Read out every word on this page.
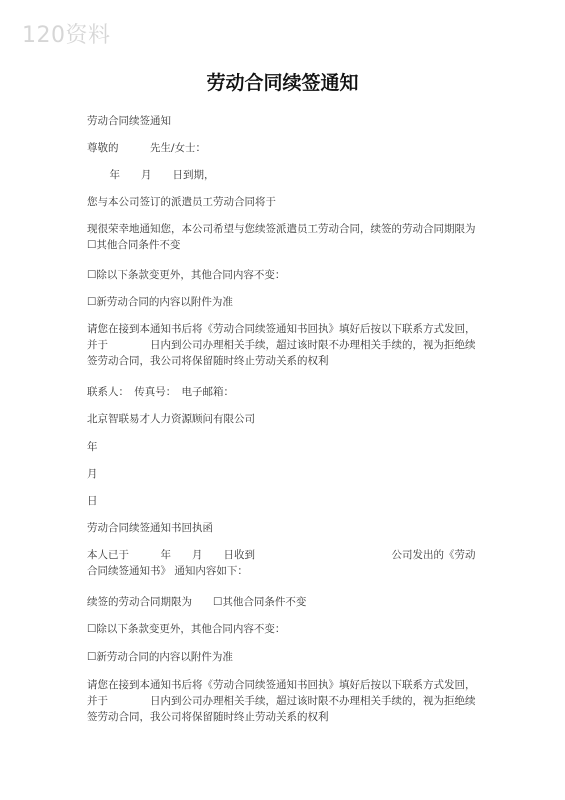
120资料
劳动合同续签通知
劳动合同续签通知
尊敬的　　　先生/女士：
　年　　月　　日到期，
您与本公司签订的派遣员工劳动合同将于
现很荣幸地通知您，本公司希望与您续签派遣员工劳动合同，续签的劳动合同期限为
☐其他合同条件不变
☐除以下条款变更外，其他合同内容不变：
☐新劳动合同的内容以附件为准
请您在接到本通知书后将《劳动合同续签通知书回执》填好后按以下联系方式发回，并于　　　　日内到公司办理相关手续，超过该时限不办理相关手续的，视为拒绝续签劳动合同，我公司将保留随时终止劳动关系的权利
联系人：　传真号：　电子邮箱：
北京智联易才人力资源顾问有限公司
年
月
日
劳动合同续签通知书回执函
本人已于　　　年　　月　　日收到　　　　　　　　　　　　　公司发出的《劳动合同续签通知书》 通知内容如下：
续签的劳动合同期限为　　☐其他合同条件不变
☐除以下条款变更外，其他合同内容不变：
☐新劳动合同的内容以附件为准
请您在接到本通知书后将《劳动合同续签通知书回执》填好后按以下联系方式发回，并于　　　　日内到公司办理相关手续，超过该时限不办理相关手续的，视为拒绝续签劳动合同，我公司将保留随时终止劳动关系的权利
